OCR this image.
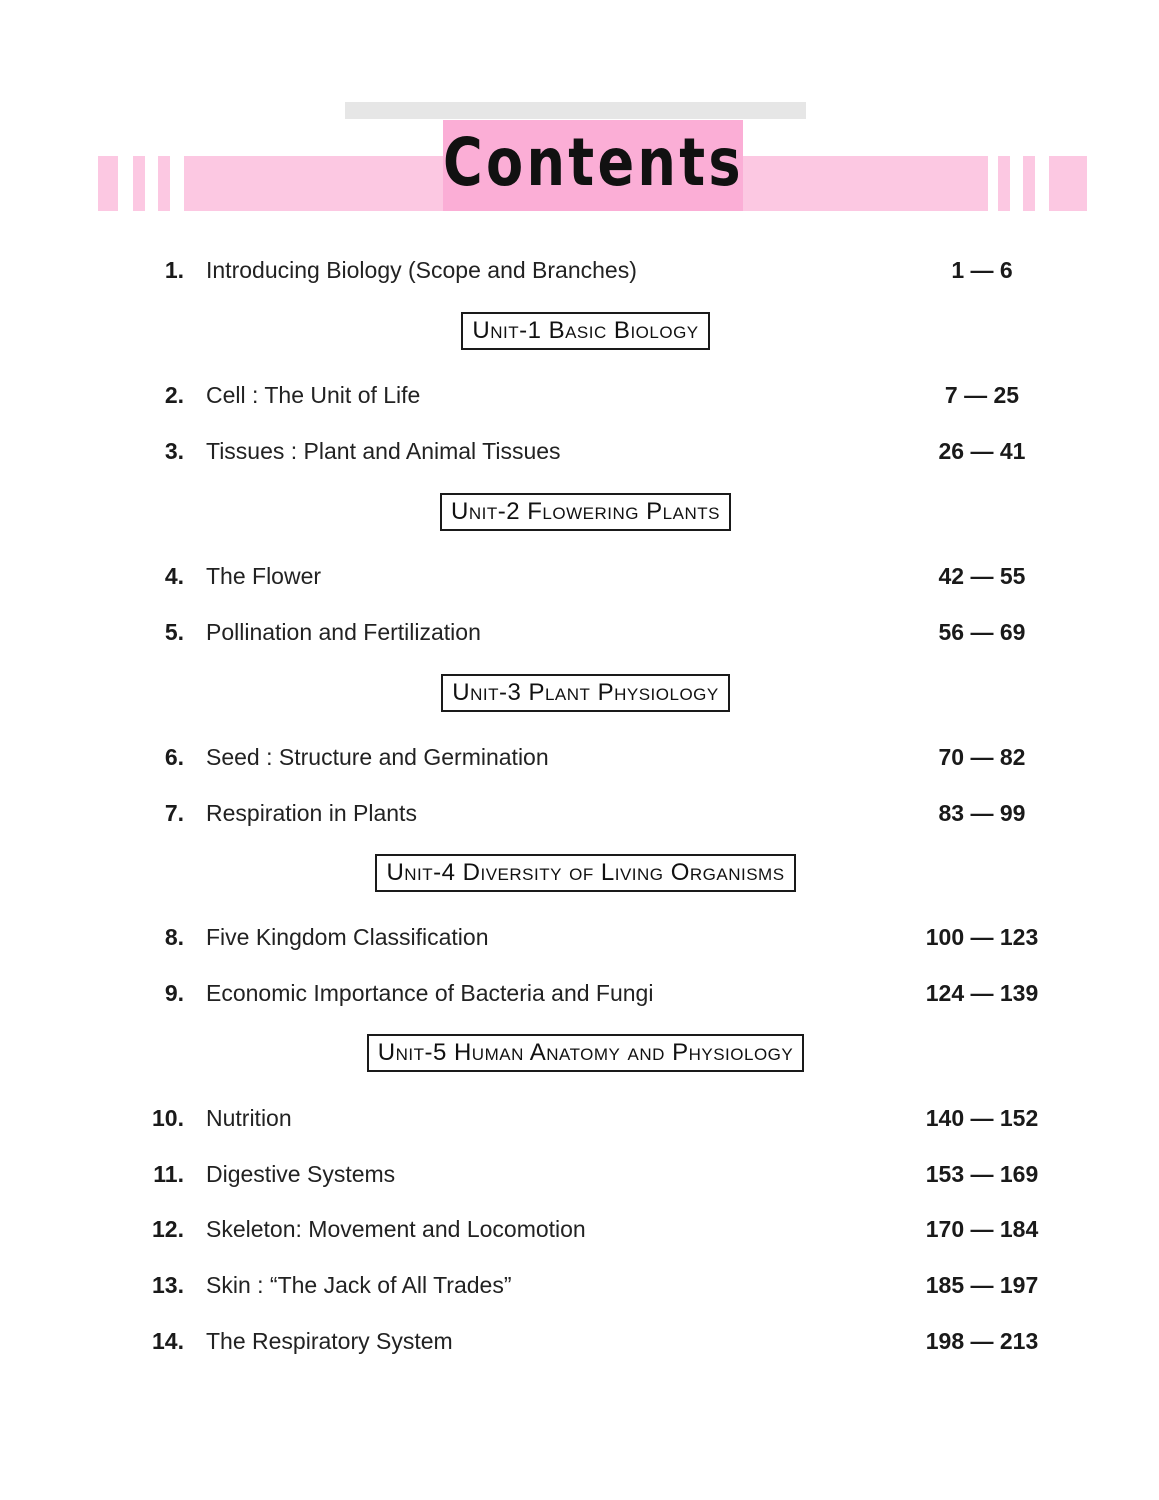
Contents
1. Introducing Biology (Scope and Branches)	1 — 6
Unit-1 Basic Biology
2. Cell : The Unit of Life	7 — 25
3. Tissues : Plant and Animal Tissues	26 — 41
Unit-2 Flowering Plants
4. The Flower	42 — 55
5. Pollination and Fertilization	56 — 69
Unit-3 Plant Physiology
6. Seed : Structure and Germination	70 — 82
7. Respiration in Plants	83 — 99
Unit-4 Diversity of Living Organisms
8. Five Kingdom Classification	100 — 123
9. Economic Importance of Bacteria and Fungi	124 — 139
Unit-5 Human Anatomy and Physiology
10. Nutrition	140 — 152
11. Digestive Systems	153 — 169
12. Skeleton: Movement and Locomotion	170 — 184
13. Skin : “The Jack of All Trades”	185 — 197
14. The Respiratory System	198 — 213
